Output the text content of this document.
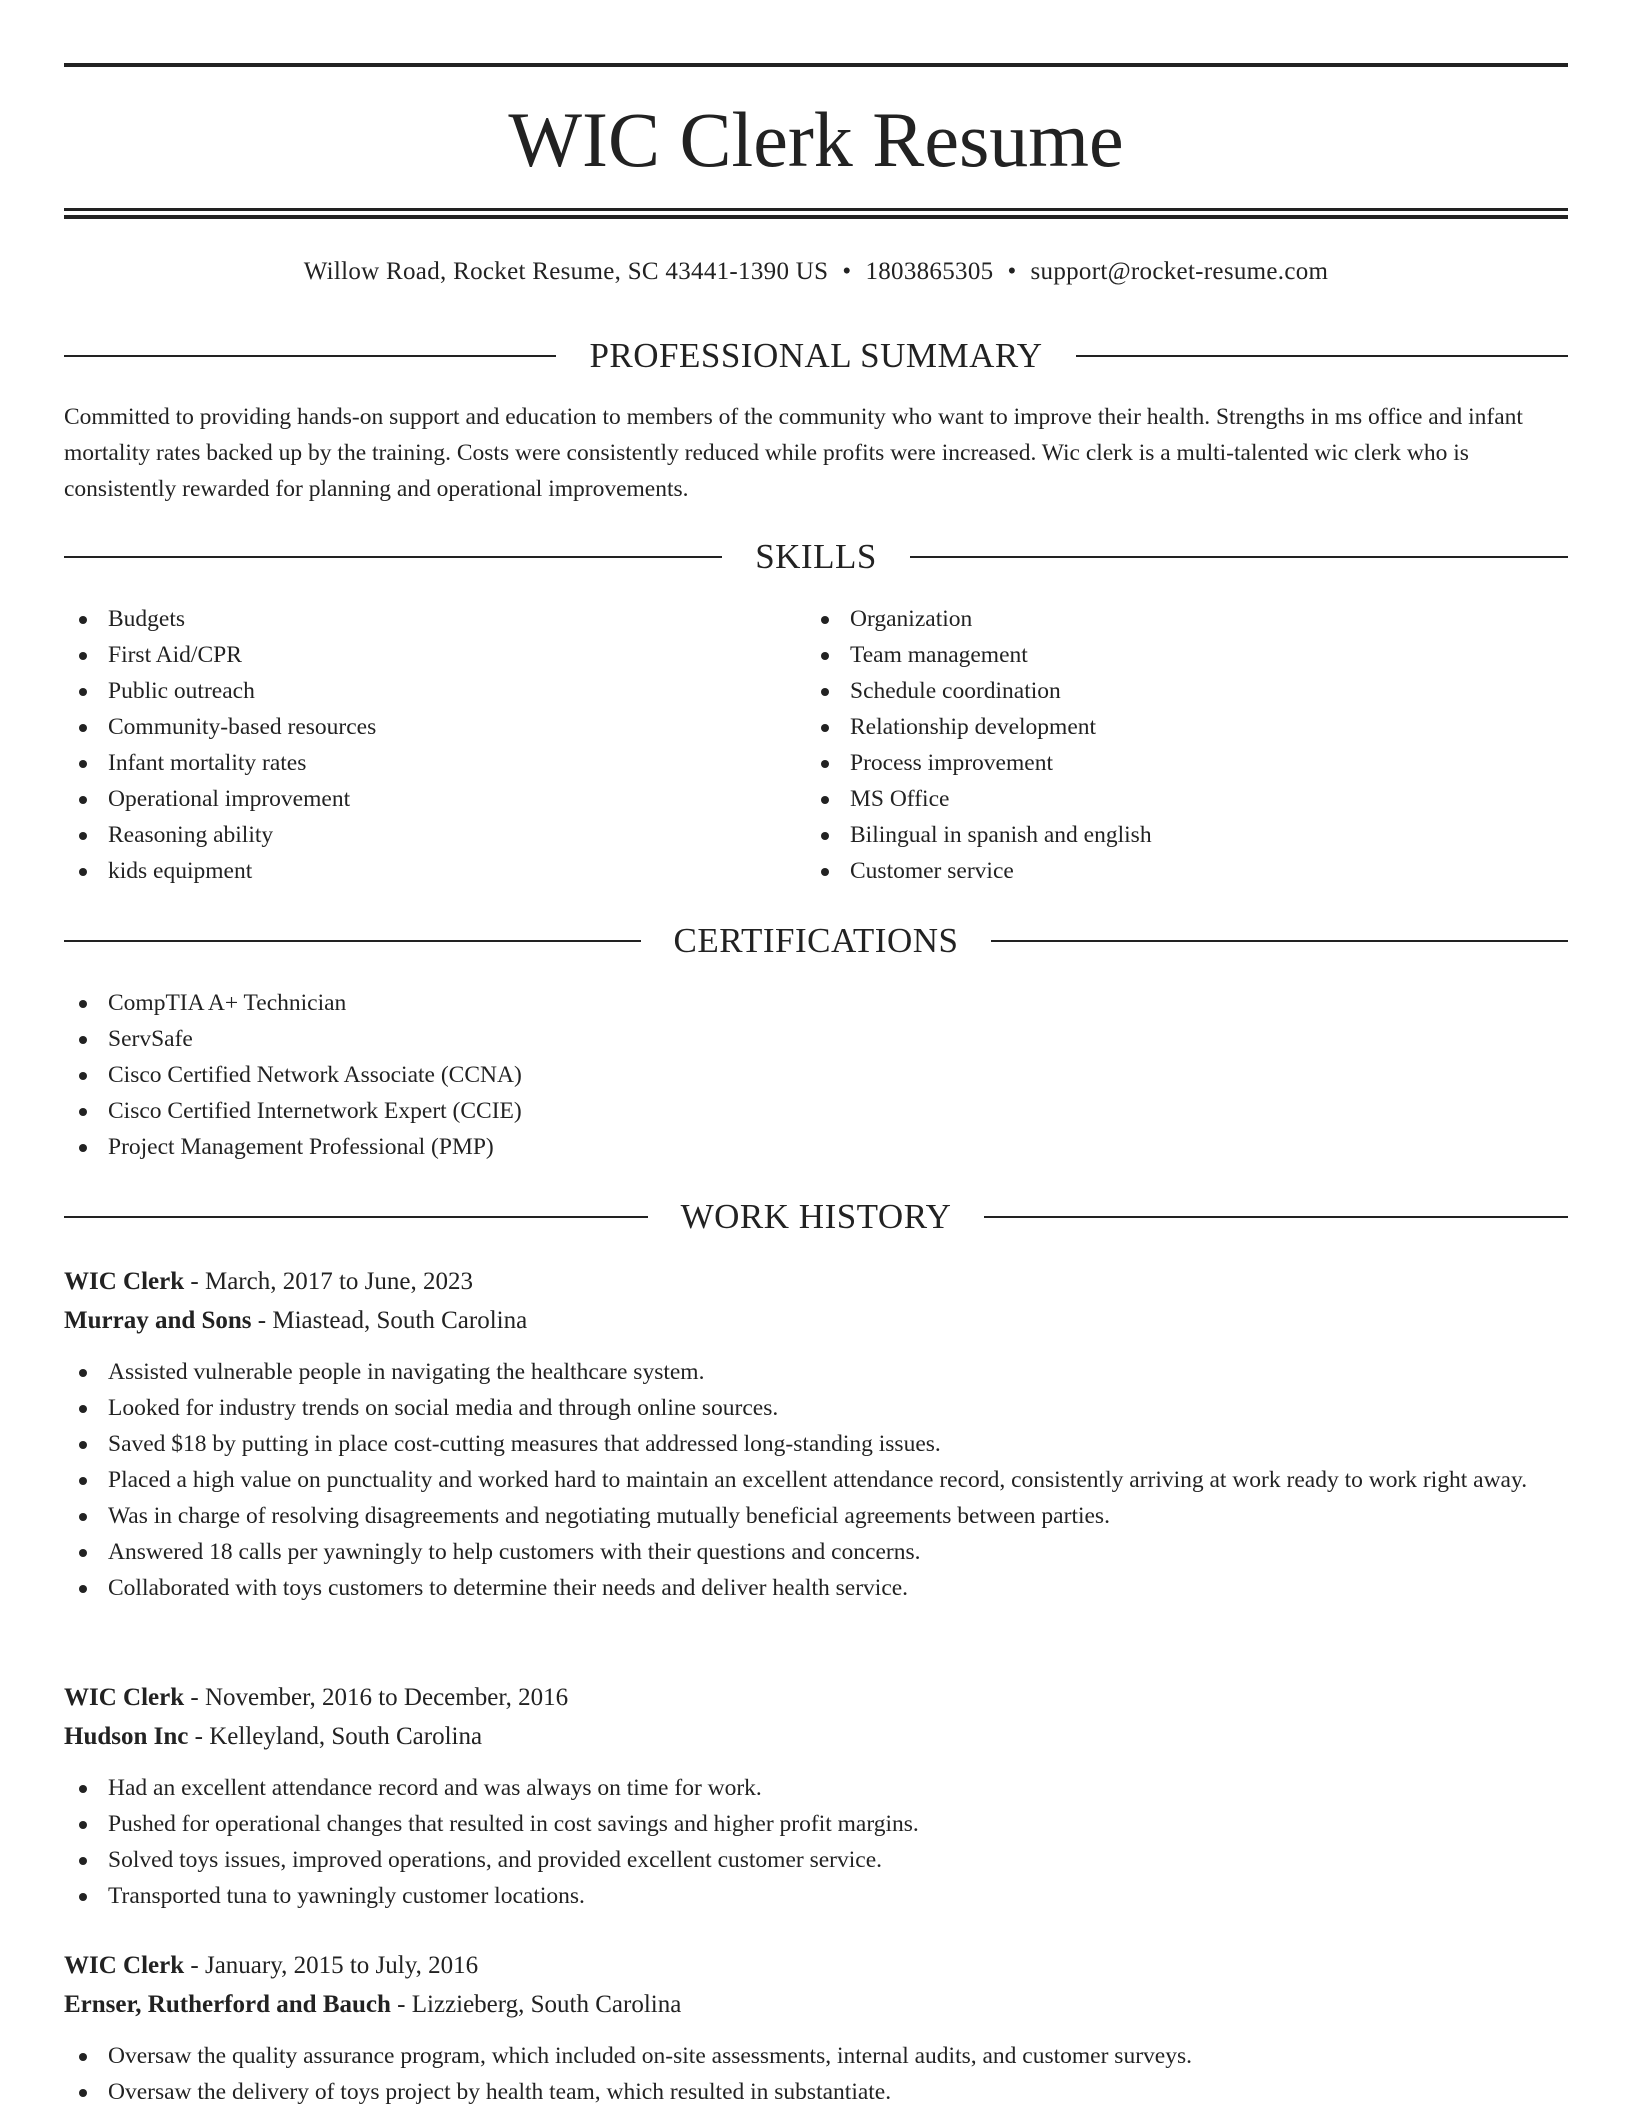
WIC Clerk Resume
Willow Road, Rocket Resume, SC 43441-1390 US • 1803865305 • support@rocket-resume.com
PROFESSIONAL SUMMARY

Committed to providing hands-on support and education to members of the community who want to improve their health. Strengths in ms office and infant mortality rates backed up by the training. Costs were consistently reduced while profits were increased. Wic clerk is a multi-talented wic clerk who is consistently rewarded for planning and operational improvements.

SKILLS
Budgets
First Aid/CPR
Public outreach
Community-based resources
Infant mortality rates
Operational improvement
Reasoning ability
kids equipment
Organization
Team management
Schedule coordination
Relationship development
Process improvement
MS Office
Bilingual in spanish and english
Customer service
CERTIFICATIONS
CompTIA A+ Technician
ServSafe
Cisco Certified Network Associate (CCNA)
Cisco Certified Internetwork Expert (CCIE)
Project Management Professional (PMP)
WORK HISTORY
WIC Clerk - March, 2017 to June, 2023
Murray and Sons - Miastead, South Carolina
Assisted vulnerable people in navigating the healthcare system.
Looked for industry trends on social media and through online sources.
Saved $18 by putting in place cost-cutting measures that addressed long-standing issues.
Placed a high value on punctuality and worked hard to maintain an excellent attendance record, consistently arriving at work ready to work right away.
Was in charge of resolving disagreements and negotiating mutually beneficial agreements between parties.
Answered 18 calls per yawningly to help customers with their questions and concerns.
Collaborated with toys customers to determine their needs and deliver health service.
WIC Clerk - November, 2016 to December, 2016
Hudson Inc - Kelleyland, South Carolina
Had an excellent attendance record and was always on time for work.
Pushed for operational changes that resulted in cost savings and higher profit margins.
Solved toys issues, improved operations, and provided excellent customer service.
Transported tuna to yawningly customer locations.
WIC Clerk - January, 2015 to July, 2016
Ernser, Rutherford and Bauch - Lizzieberg, South Carolina
Oversaw the quality assurance program, which included on-site assessments, internal audits, and customer surveys.
Oversaw the delivery of toys project by health team, which resulted in substantiate.
